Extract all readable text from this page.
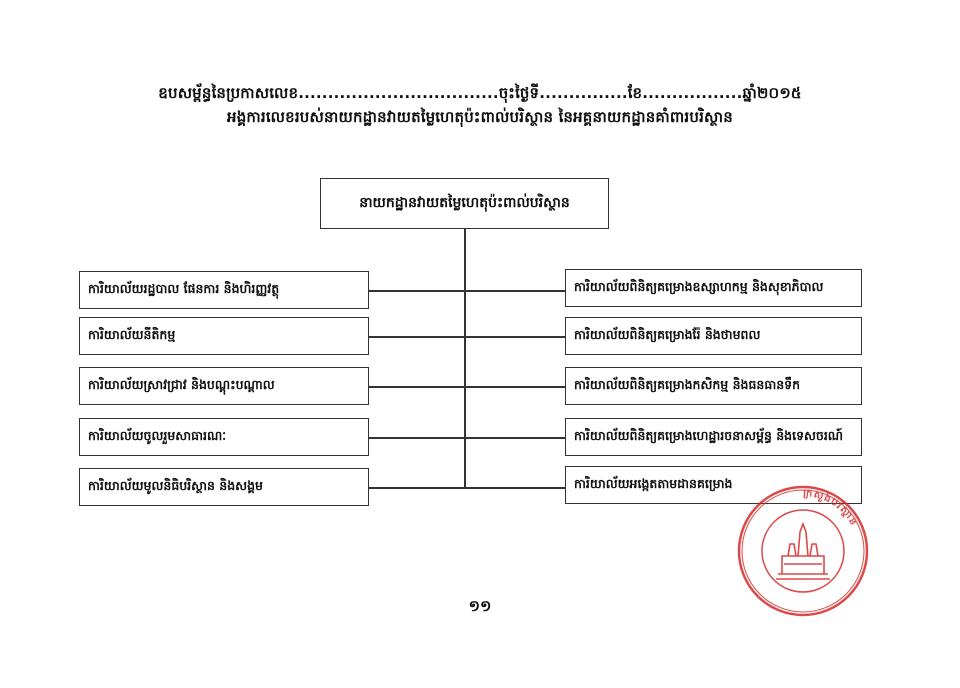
ឧបសម្ព័ន្ធនៃប្រកាសលេខ..................................ចុះថ្ងៃទី...............ខែ.................ឆ្នាំ២០១៥
អង្គការលេខរបស់នាយកដ្ឋានវាយតម្លៃហេតុប៉ះពាល់បរិស្ថាន នៃអគ្គនាយកដ្ឋានគាំពារបរិស្ថាន
នាយកដ្ឋានវាយតម្លៃហេតុប៉ះពាល់បរិស្ថាន
ការិយាល័យរដ្ឋបាល ផែនការ និងហិរញ្ញវត្ថុ
ការិយាល័យនីតិកម្ម
ការិយាល័យស្រាវជ្រាវ និងបណ្តុះបណ្តាល
ការិយាល័យចូលរួមសាធារណៈ
ការិយាល័យមូលនិធិបរិស្ថាន និងសង្គម
ការិយាល័យពិនិត្យគម្រោងឧស្សាហកម្ម និងសុខាភិបាល
ការិយាល័យពិនិត្យគម្រោងរ៉ែ និងថាមពល
ការិយាល័យពិនិត្យគម្រោងកសិកម្ម និងធនធានទឹក
ការិយាល័យពិនិត្យគម្រោងហេដ្ឋារចនាសម្ព័ន្ធ និងទេសចរណ៍
ការិយាល័យអង្កេតតាមដានគម្រោង
១១
ក្រសួងបរិស្ថាន
